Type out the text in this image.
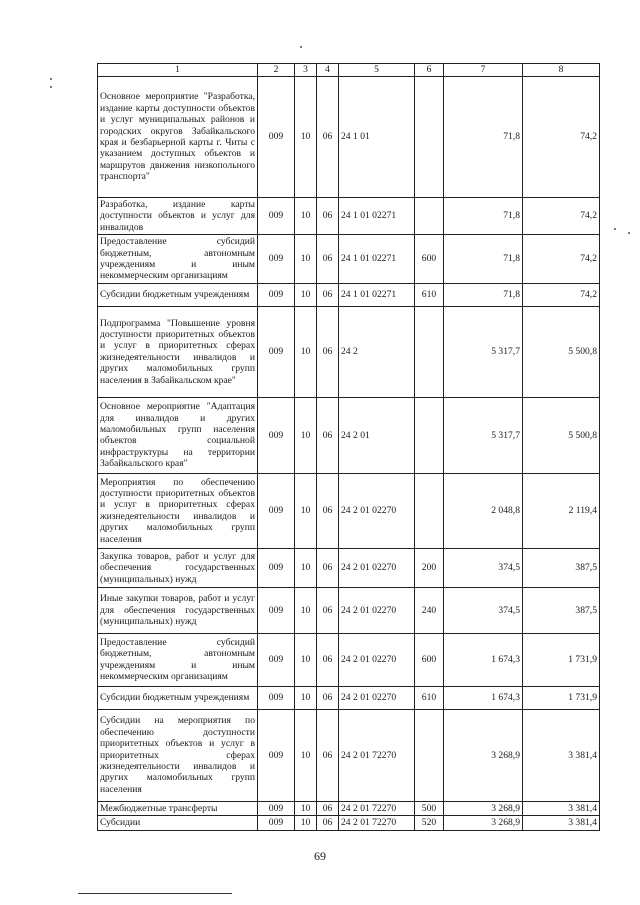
1	2	3	4	5	6	7	8
Основное мероприятие "Разработка, издание карты доступности объектов и услуг муниципальных районов и городских округов Забайкальского края и безбарьерной карты г. Читы с указанием доступных объектов и маршрутов движения низкопольного транспорта"	009	10	06	24 1 01		71,8	74,2
Разработка, издание карты доступности объектов и услуг для инвалидов	009	10	06	24 1 01 02271		71,8	74,2
Предоставление субсидий бюджетным, автономным учреждениям и иным некоммерческим организациям	009	10	06	24 1 01 02271	600	71,8	74,2
Субсидии бюджетным учреждениям	009	10	06	24 1 01 02271	610	71,8	74,2
Подпрограмма "Повышение уровня доступности приоритетных объектов и услуг в приоритетных сферах жизнедеятельности инвалидов и других маломобильных групп населения в Забайкальском крае"	009	10	06	24 2		5 317,7	5 500,8
Основное мероприятие "Адаптация для инвалидов и других маломобильных групп населения объектов социальной инфраструктуры на территории Забайкальского края"	009	10	06	24 2 01		5 317,7	5 500,8
Мероприятия по обеспечению доступности приоритетных объектов и услуг в приоритетных сферах жизнедеятельности инвалидов и других маломобильных групп населения	009	10	06	24 2 01 02270		2 048,8	2 119,4
Закупка товаров, работ и услуг для обеспечения государственных (муниципальных) нужд	009	10	06	24 2 01 02270	200	374,5	387,5
Иные закупки товаров, работ и услуг для обеспечения государственных (муниципальных) нужд	009	10	06	24 2 01 02270	240	374,5	387,5
Предоставление субсидий бюджетным, автономным учреждениям и иным некоммерческим организациям	009	10	06	24 2 01 02270	600	1 674,3	1 731,9
Субсидии бюджетным учреждениям	009	10	06	24 2 01 02270	610	1 674,3	1 731,9
Субсидии на мероприятия по обеспечению доступности приоритетных объектов и услуг в приоритетных сферах жизнедеятельности инвалидов и других маломобильных групп населения	009	10	06	24 2 01 72270		3 268,9	3 381,4
Межбюджетные трансферты	009	10	06	24 2 01 72270	500	3 268,9	3 381,4
Субсидии	009	10	06	24 2 01 72270	520	3 268,9	3 381,4
69
